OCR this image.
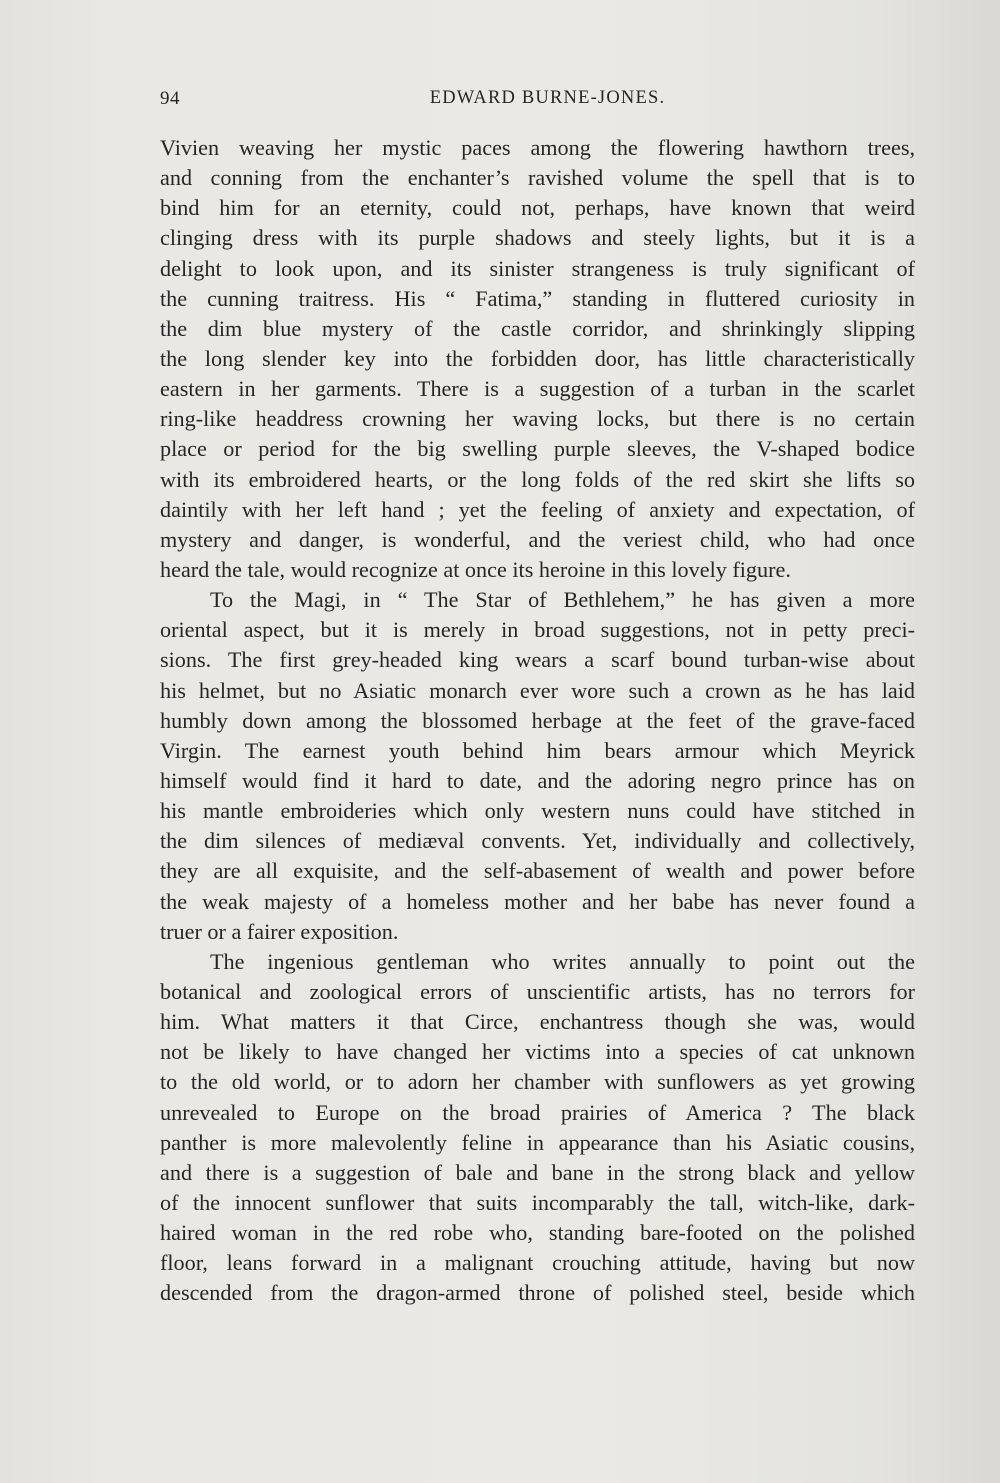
94	EDWARD BURNE-JONES.
Vivien weaving her mystic paces among the flowering hawthorn trees,
and conning from the enchanter’s ravished volume the spell that is to
bind him for an eternity, could not, perhaps, have known that weird
clinging dress with its purple shadows and steely lights, but it is a
delight to look upon, and its sinister strangeness is truly significant of
the cunning traitress. His “ Fatima,” standing in fluttered curiosity in
the dim blue mystery of the castle corridor, and shrinkingly slipping
the long slender key into the forbidden door, has little characteristically
eastern in her garments. There is a suggestion of a turban in the scarlet
ring-like headdress crowning her waving locks, but there is no certain
place or period for the big swelling purple sleeves, the V-shaped bodice
with its embroidered hearts, or the long folds of the red skirt she lifts so
daintily with her left hand ; yet the feeling of anxiety and expectation, of
mystery and danger, is wonderful, and the veriest child, who had once
heard the tale, would recognize at once its heroine in this lovely figure.
To the Magi, in “ The Star of Bethlehem,” he has given a more
oriental aspect, but it is merely in broad suggestions, not in petty preci-
sions. The first grey-headed king wears a scarf bound turban-wise about
his helmet, but no Asiatic monarch ever wore such a crown as he has laid
humbly down among the blossomed herbage at the feet of the grave-faced
Virgin. The earnest youth behind him bears armour which Meyrick
himself would find it hard to date, and the adoring negro prince has on
his mantle embroideries which only western nuns could have stitched in
the dim silences of mediæval convents. Yet, individually and collectively,
they are all exquisite, and the self-abasement of wealth and power before
the weak majesty of a homeless mother and her babe has never found a
truer or a fairer exposition.
The ingenious gentleman who writes annually to point out the
botanical and zoological errors of unscientific artists, has no terrors for
him. What matters it that Circe, enchantress though she was, would
not be likely to have changed her victims into a species of cat unknown
to the old world, or to adorn her chamber with sunflowers as yet growing
unrevealed to Europe on the broad prairies of America ? The black
panther is more malevolently feline in appearance than his Asiatic cousins,
and there is a suggestion of bale and bane in the strong black and yellow
of the innocent sunflower that suits incomparably the tall, witch-like, dark-
haired woman in the red robe who, standing bare-footed on the polished
floor, leans forward in a malignant crouching attitude, having but now
descended from the dragon-armed throne of polished steel, beside which
